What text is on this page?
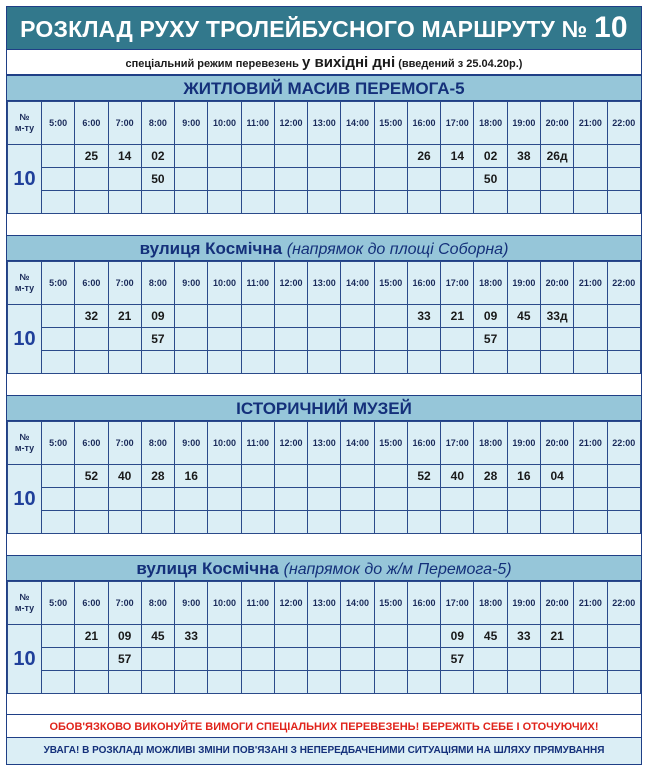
РОЗКЛАД РУХУ ТРОЛЕЙБУСНОГО МАРШРУТУ № 10
спеціальний режим перевезень у вихідні дні (введений з 25.04.20р.)
ЖИТЛОВИЙ МАСИВ ПЕРЕМОГА-5
№
м-ту	5:00	6:00	7:00	8:00	9:00	10:00	11:00	12:00	13:00	14:00	15:00	16:00	17:00	18:00	19:00	20:00	21:00	22:00
10		25	14	02								26	14	02	38	26д		
				50										50				

вулиця Космічна (напрямок до площі Соборна)
№
м-ту	5:00	6:00	7:00	8:00	9:00	10:00	11:00	12:00	13:00	14:00	15:00	16:00	17:00	18:00	19:00	20:00	21:00	22:00
10		32	21	09								33	21	09	45	33д		
				57										57				

ІСТОРИЧНИЙ МУЗЕЙ
№
м-ту	5:00	6:00	7:00	8:00	9:00	10:00	11:00	12:00	13:00	14:00	15:00	16:00	17:00	18:00	19:00	20:00	21:00	22:00
10		52	40	28	16							52	40	28	16	04		

вулиця Космічна (напрямок до ж/м Перемога-5)
№
м-ту	5:00	6:00	7:00	8:00	9:00	10:00	11:00	12:00	13:00	14:00	15:00	16:00	17:00	18:00	19:00	20:00	21:00	22:00
10		21	09	45	33								09	45	33	21		
			57										57					

ОБОВ'ЯЗКОВО ВИКОНУЙТЕ ВИМОГИ СПЕЦІАЛЬНИХ ПЕРЕВЕЗЕНЬ! БЕРЕЖІТЬ СЕБЕ І ОТОЧУЮЧИХ!
УВАГА! В РОЗКЛАДІ МОЖЛИВІ ЗМІНИ ПОВ'ЯЗАНІ З НЕПЕРЕДБАЧЕНИМИ СИТУАЦІЯМИ НА ШЛЯХУ ПРЯМУВАННЯ
